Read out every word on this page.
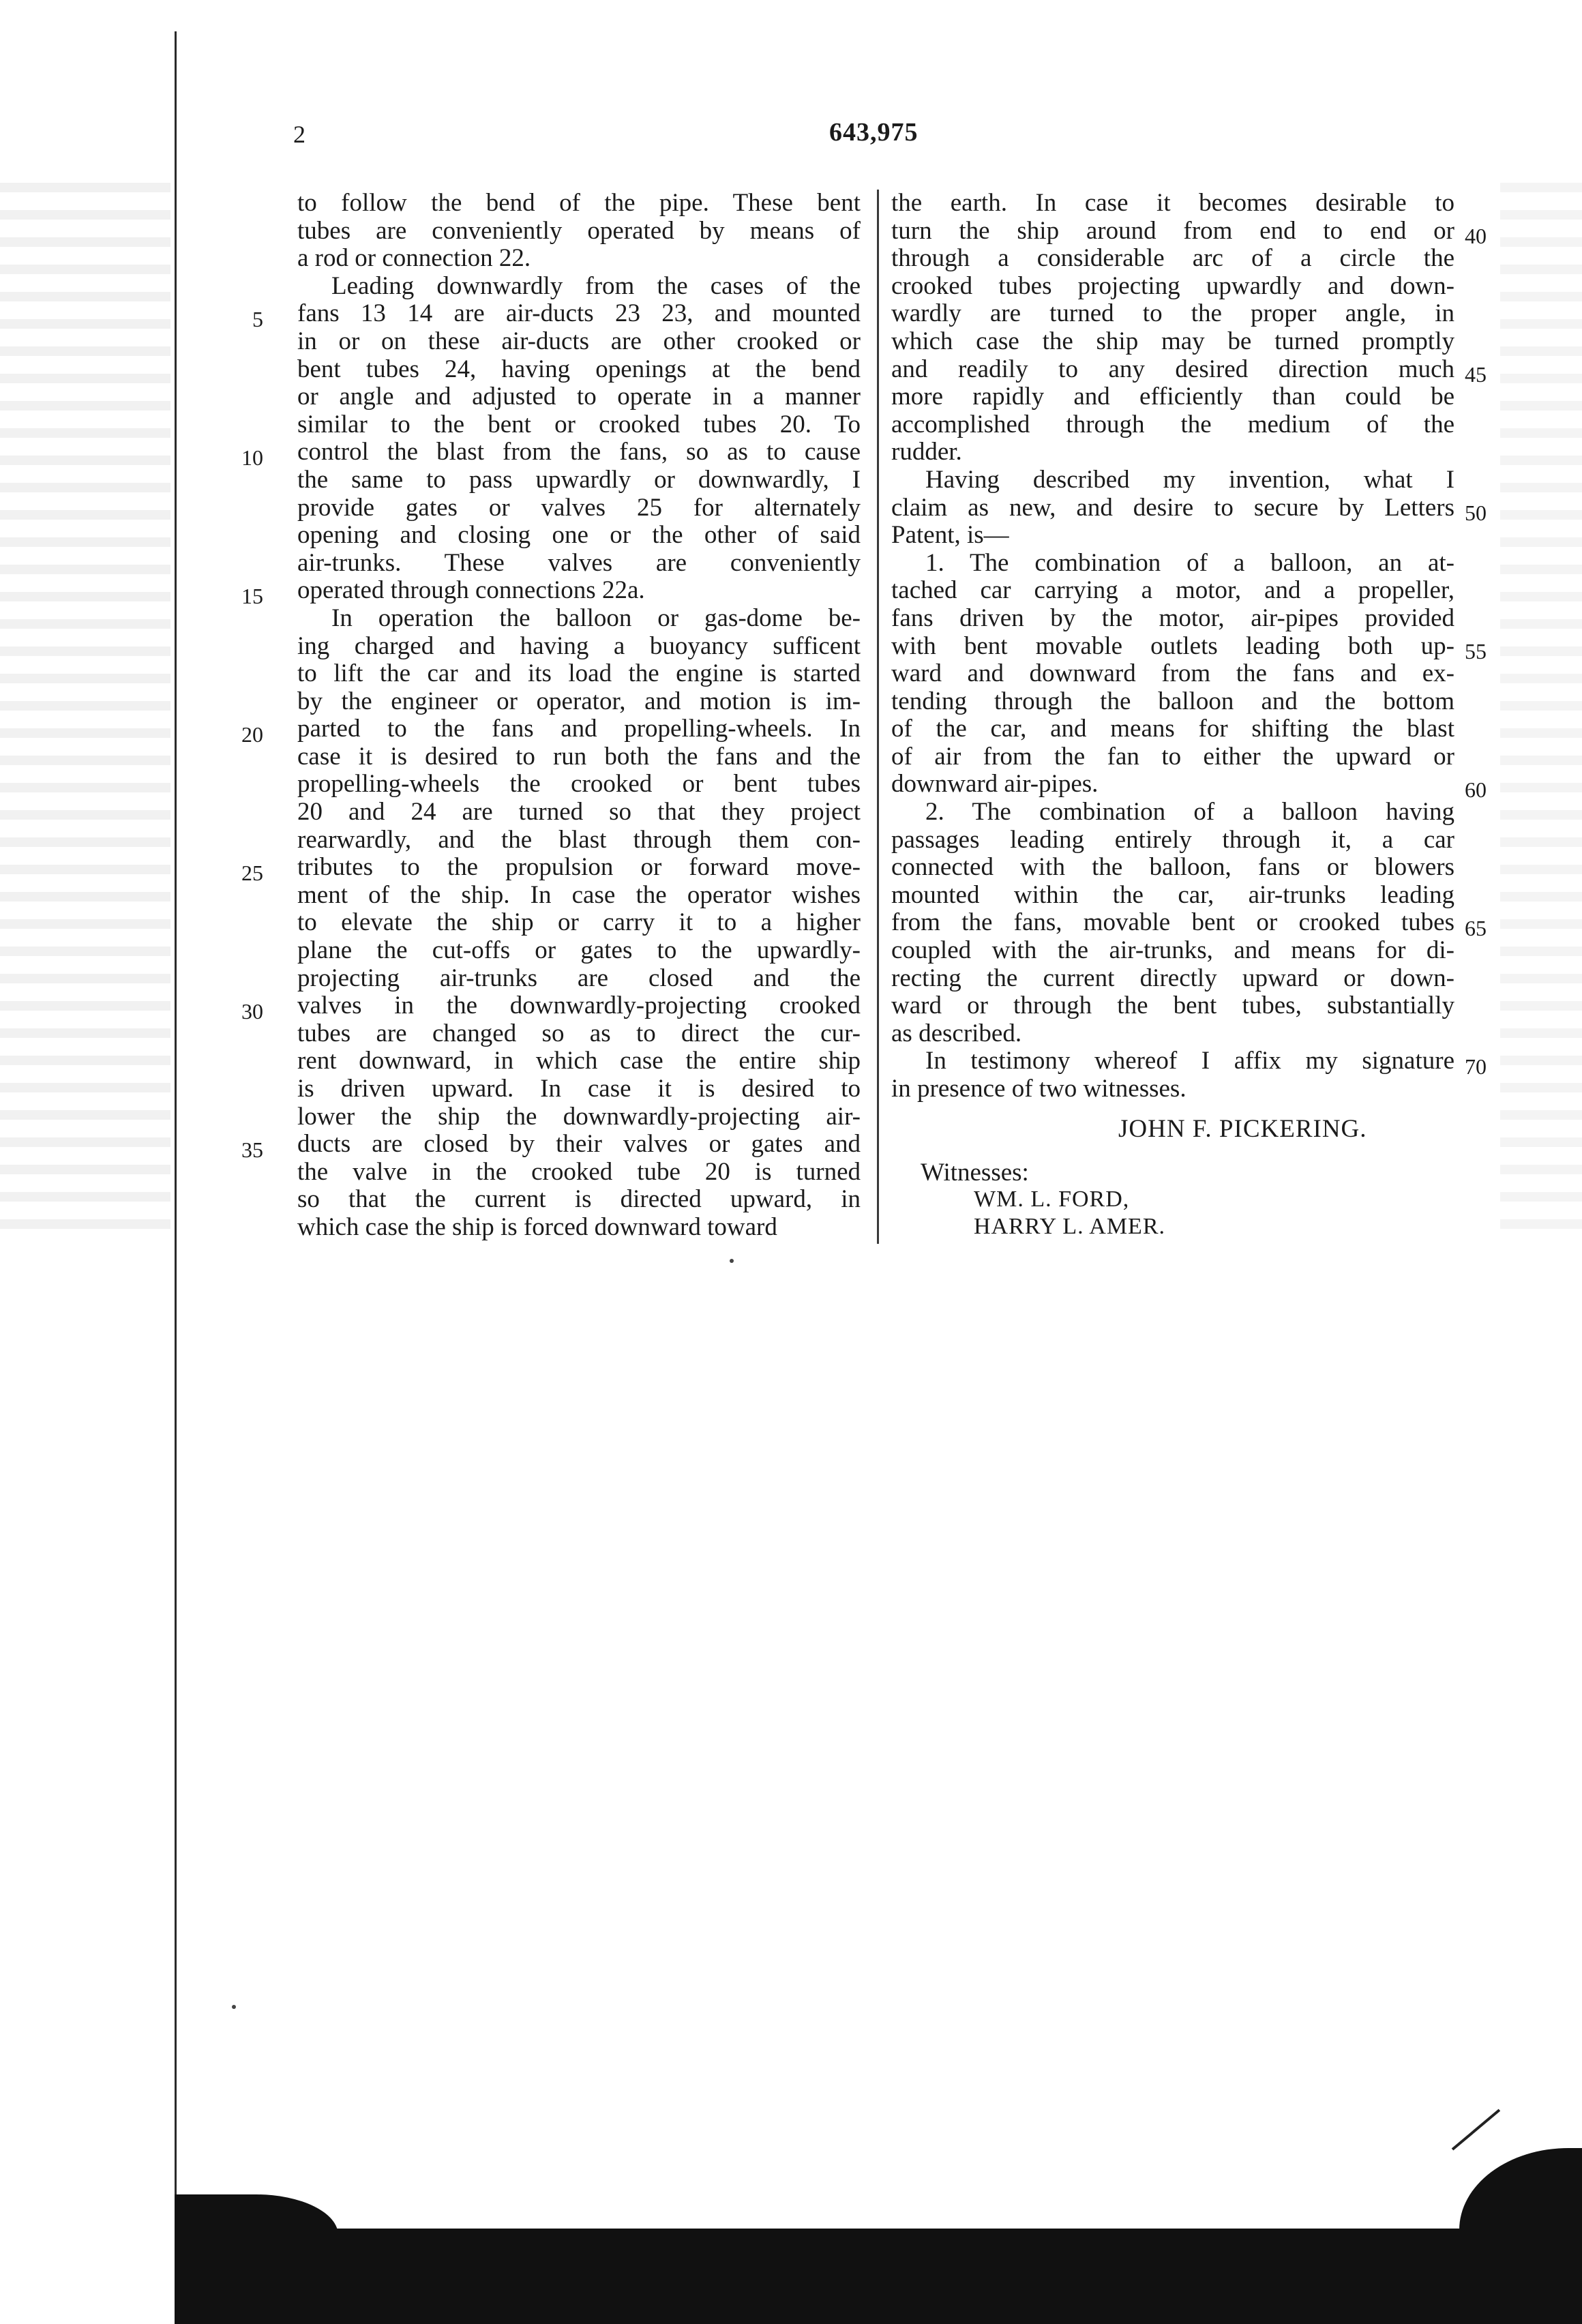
2	643,975
to follow the bend of the pipe. These bent
tubes are conveniently operated by means of
a rod or connection 22.
Leading downwardly from the cases of the
fans 13 14 are air-ducts 23 23, and mounted
in or on these air-ducts are other crooked or
bent tubes 24, having openings at the bend
or angle and adjusted to operate in a manner
similar to the bent or crooked tubes 20. To
control the blast from the fans, so as to cause
the same to pass upwardly or downwardly, I
provide gates or valves 25 for alternately
opening and closing one or the other of said
air-trunks. These valves are conveniently
operated through connections 22a.
In operation the balloon or gas-dome be-
ing charged and having a buoyancy sufficent
to lift the car and its load the engine is started
by the engineer or operator, and motion is im-
parted to the fans and propelling-wheels. In
case it is desired to run both the fans and the
propelling-wheels the crooked or bent tubes
20 and 24 are turned so that they project
rearwardly, and the blast through them con-
tributes to the propulsion or forward move-
ment of the ship. In case the operator wishes
to elevate the ship or carry it to a higher
plane the cut-offs or gates to the upwardly-
projecting air-trunks are closed and the
valves in the downwardly-projecting crooked
tubes are changed so as to direct the cur-
rent downward, in which case the entire ship
is driven upward. In case it is desired to
lower the ship the downwardly-projecting air-
ducts are closed by their valves or gates and
the valve in the crooked tube 20 is turned
so that the current is directed upward, in
which case the ship is forced downward toward
the earth. In case it becomes desirable to
turn the ship around from end to end or
through a considerable arc of a circle the
crooked tubes projecting upwardly and down-
wardly are turned to the proper angle, in
which case the ship may be turned promptly
and readily to any desired direction much
more rapidly and efficiently than could be
accomplished through the medium of the
rudder.
Having described my invention, what I
claim as new, and desire to secure by Letters
Patent, is—
1. The combination of a balloon, an at-
tached car carrying a motor, and a propeller,
fans driven by the motor, air-pipes provided
with bent movable outlets leading both up-
ward and downward from the fans and ex-
tending through the balloon and the bottom
of the car, and means for shifting the blast
of air from the fan to either the upward or
downward air-pipes.
2. The combination of a balloon having
passages leading entirely through it, a car
connected with the balloon, fans or blowers
mounted within the car, air-trunks leading
from the fans, movable bent or crooked tubes
coupled with the air-trunks, and means for di-
recting the current directly upward or down-
ward or through the bent tubes, substantially
as described.
In testimony whereof I affix my signature
in presence of two witnesses.
5
10
15
20
25
30
35
40
45
50
55
60
65
70
JOHN F. PICKERING.
Witnesses:
WM. L. FORD,
HARRY L. AMER.
